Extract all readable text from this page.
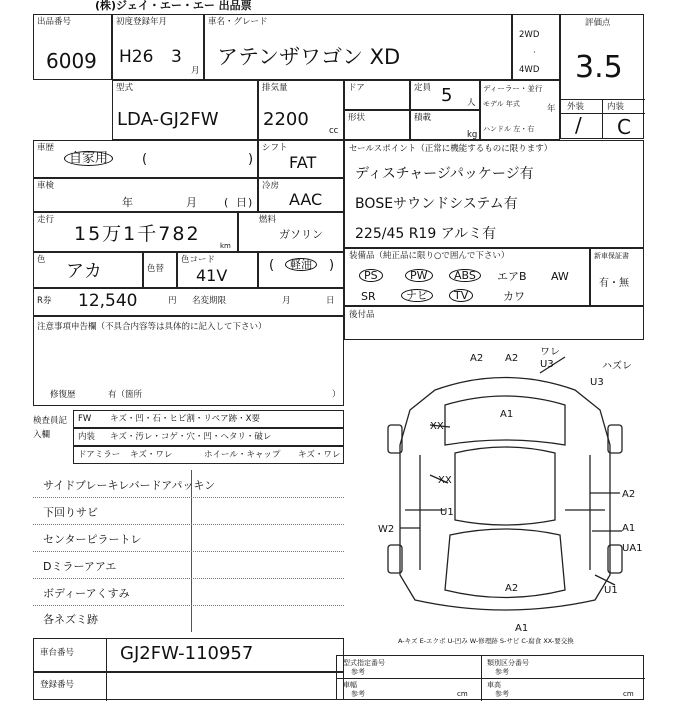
(株)ジェイ・エー・エー 出品票
出品番号
6009
初度登録年月
H26 3
月
車名・グレード
アテンザワゴン XD
2WD
·
4WD
評価点
3.5
外装	内装
/ C
型式
LDA-GJ2FW
排気量
2200
cc
ドア	定員 5 人
ディーラー・並行
モデル 年式	年
ハンドル 左・右
形状	積載
kg
車歴
自家用	(	)
シフト
FAT
車検
年	月 ( 日 )
冷房
AAC
走行
15万1千782
km
燃料
ガソリン
色
アカ	色替
色コード
41V
(	軽油	)
R券 12,540	円 名変期限	月	日
注意事項申告欄（不具合内容等は具体的に記入して下さい）
修復歴	有（箇所	）
セールスポイント（正常に機能するものに限ります）
ディスチャージパッケージ有
BOSEサウンドシステム有
225/45 R19 アルミ有
装備品（純正品に限り○で囲んで下さい）
PS	PW	ABS	エアB AW
SR	ナビ	TV	カワ
新車保証書
有・無
後付品
検査員記入欄
FW キズ・凹・石・ヒビ割・リペア跡・X要
内装 キズ・汚レ・コゲ・穴・凹・ヘタリ・破レ
ドアミラー キズ・ワレ	ホイール・キャップ キズ・ワレ
サイドブレーキレバードアパッキン
下回りサビ
センターピラートレ
Dミラーアアエ
ボディーアくすみ
各ネズミ跡
A2 A2
ワレ
U3	ハズレ
U3
XX
A1
XX
A2
U1
W2	A1
UA1
A2	U1
A1
A-キズ E-エクボ U-凹み W-修理跡 S-サビ C-腐食 XX-要交換
車台番号	GJ2FW-110957
登録番号
型式指定番号
参考
類別区分番号
参考
車幅
参考	cm
車高
参考	cm
